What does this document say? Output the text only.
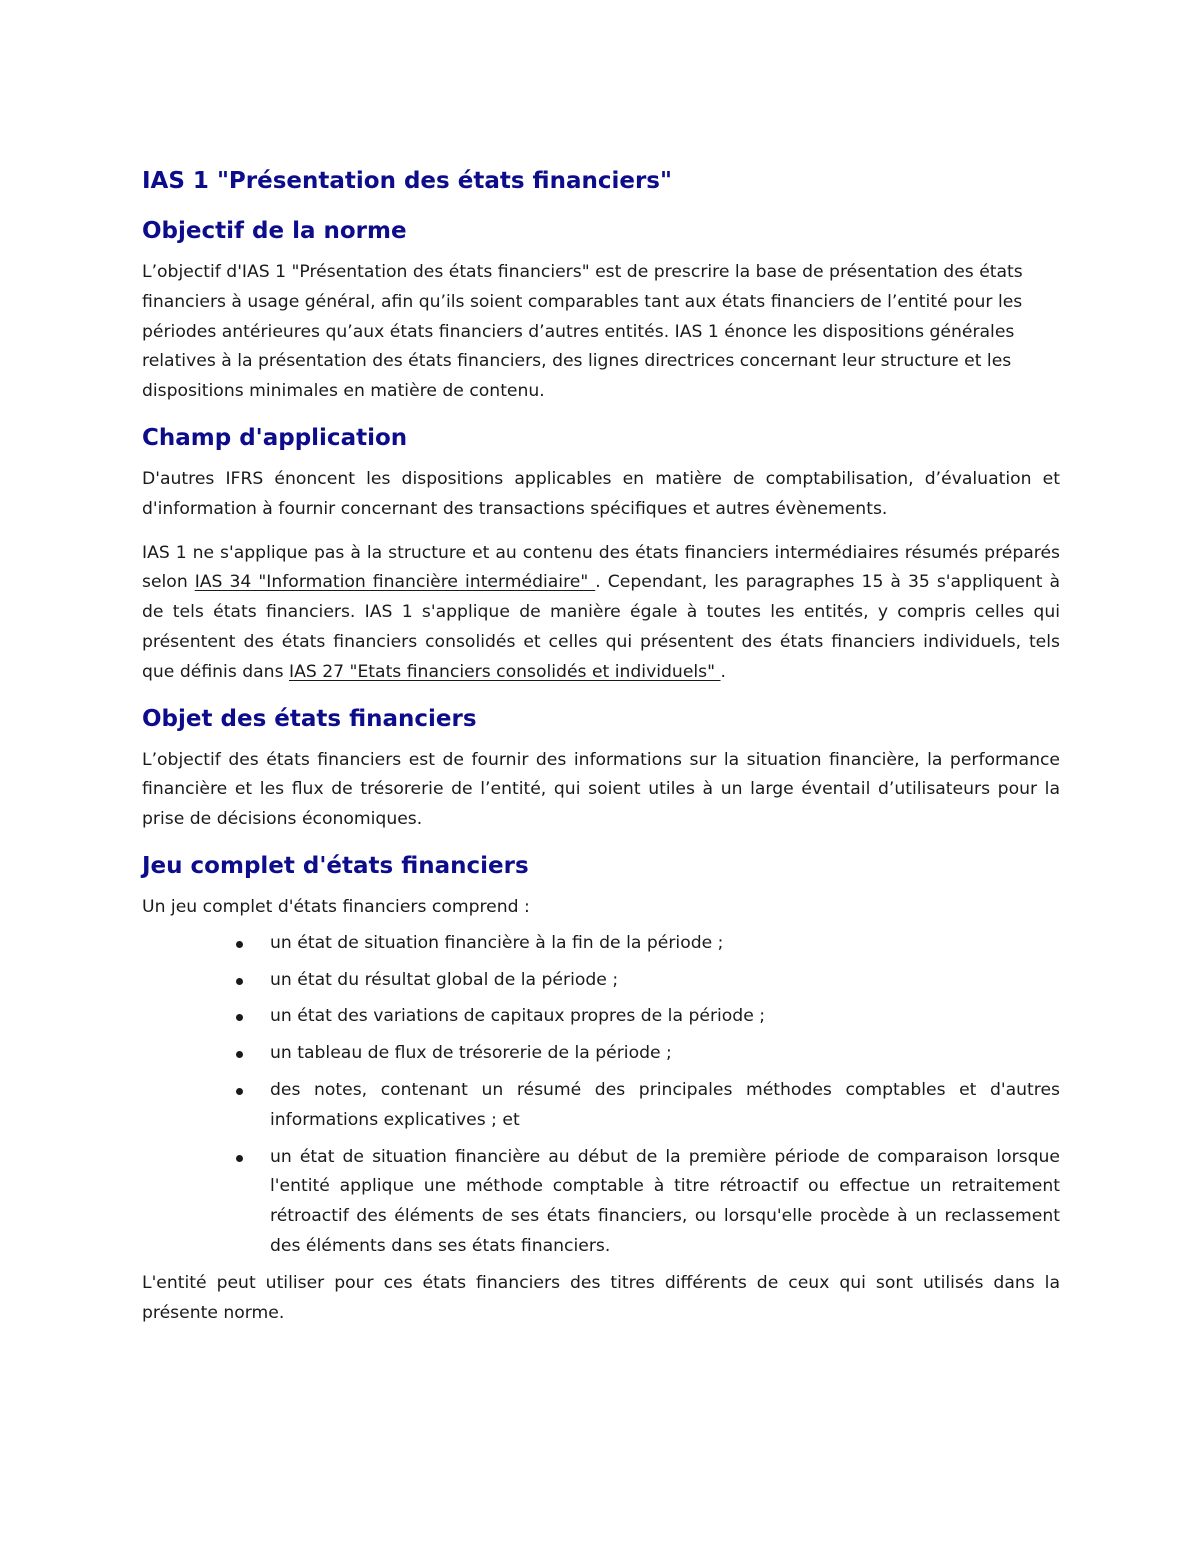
IAS 1 "Présentation des états financiers"
Objectif de la norme

L’objectif d'IAS 1 "Présentation des états financiers" est de prescrire la base de présentation des états financiers à usage général, afin qu’ils soient comparables tant aux états financiers de l’entité pour les périodes antérieures qu’aux états financiers d’autres entités. IAS 1 énonce les dispositions générales relatives à la présentation des états financiers, des lignes directrices concernant leur structure et les dispositions minimales en matière de contenu.

Champ d'application

D'autres IFRS énoncent les dispositions applicables en matière de comptabilisation, d’évaluation et d'information à fournir concernant des transactions spécifiques et autres évènements.

IAS 1 ne s'applique pas à la structure et au contenu des états financiers intermédiaires résumés préparés selon IAS 34 "Information financière intermédiaire" . Cependant, les paragraphes 15 à 35 s'appliquent à de tels états financiers. IAS 1 s'applique de manière égale à toutes les entités, y compris celles qui présentent des états financiers consolidés et celles qui présentent des états financiers individuels, tels que définis dans IAS 27 "Etats financiers consolidés et individuels" .

Objet des états financiers

L’objectif des états financiers est de fournir des informations sur la situation financière, la performance financière et les flux de trésorerie de l’entité, qui soient utiles à un large éventail d’utilisateurs pour la prise de décisions économiques.

Jeu complet d'états financiers

Un jeu complet d'états financiers comprend :

un état de situation financière à la fin de la période ;
un état du résultat global de la période ;
un état des variations de capitaux propres de la période ;
un tableau de flux de trésorerie de la période ;
des notes, contenant un résumé des principales méthodes comptables et d'autres informations explicatives ; et
un état de situation financière au début de la première période de comparaison lorsque l'entité applique une méthode comptable à titre rétroactif ou effectue un retraitement rétroactif des éléments de ses états financiers, ou lorsqu'elle procède à un reclassement des éléments dans ses états financiers.

L'entité peut utiliser pour ces états financiers des titres différents de ceux qui sont utilisés dans la présente norme.
